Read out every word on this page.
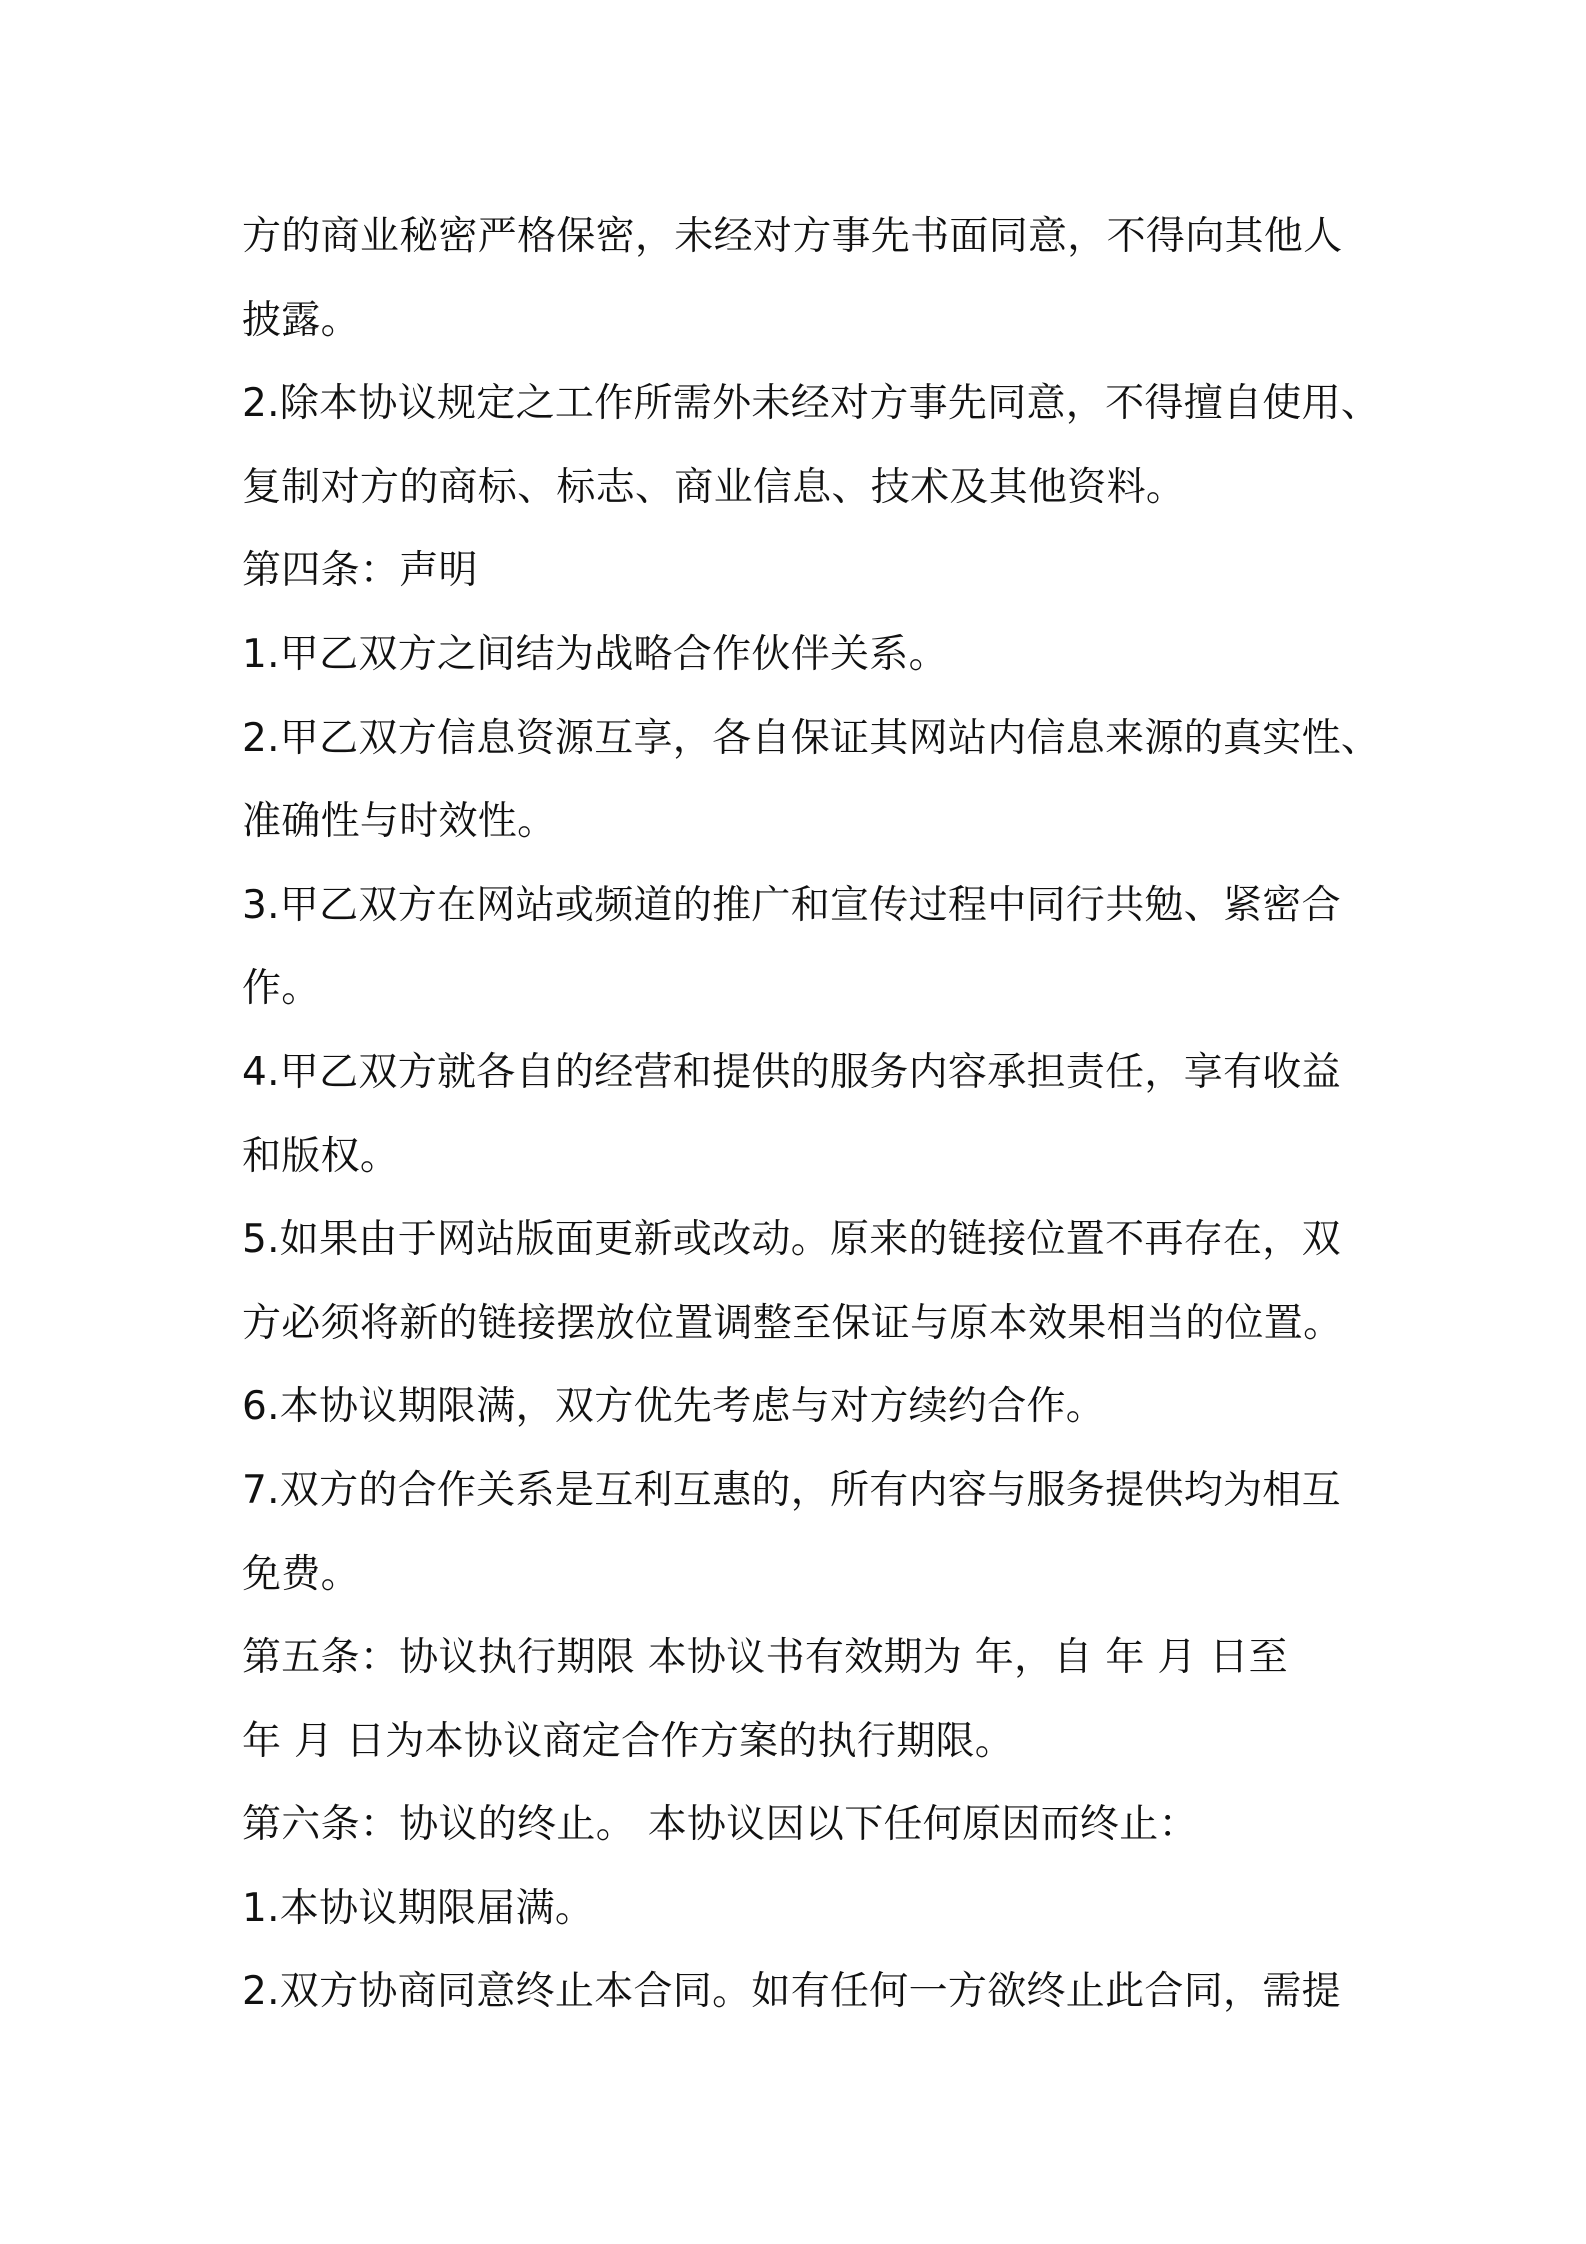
方的商业秘密严格保密，未经对方事先书面同意，不得向其他人
披露。
2.除本协议规定之工作所需外未经对方事先同意，不得擅自使用、
复制对方的商标、标志、商业信息、技术及其他资料。
第四条：声明
1.甲乙双方之间结为战略合作伙伴关系。
2.甲乙双方信息资源互享，各自保证其网站内信息来源的真实性、
准确性与时效性。
3.甲乙双方在网站或频道的推广和宣传过程中同行共勉、紧密合
作。
4.甲乙双方就各自的经营和提供的服务内容承担责任，享有收益
和版权。
5.如果由于网站版面更新或改动。原来的链接位置不再存在，双
方必须将新的链接摆放位置调整至保证与原本效果相当的位置。
6.本协议期限满，双方优先考虑与对方续约合作。
7.双方的合作关系是互利互惠的，所有内容与服务提供均为相互
免费。
第五条：协议执行期限 本协议书有效期为 年，自 年 月 日至
年 月 日为本协议商定合作方案的执行期限。
第六条：协议的终止。 本协议因以下任何原因而终止：
1.本协议期限届满。
2.双方协商同意终止本合同。如有任何一方欲终止此合同，需提
